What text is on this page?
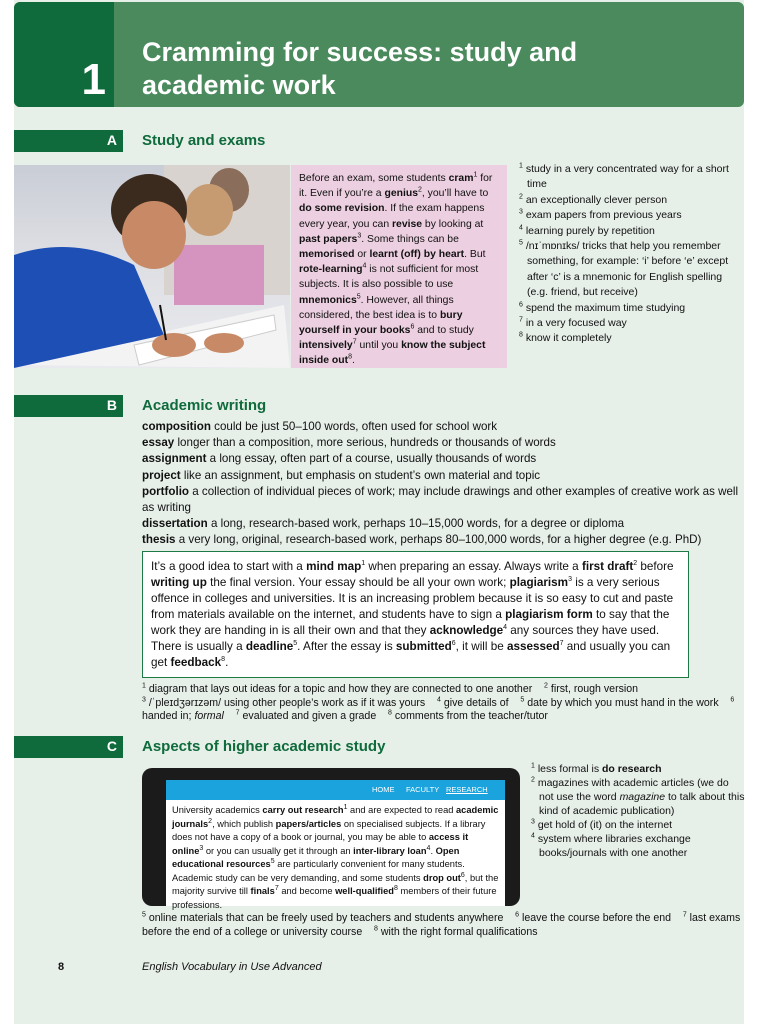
1
Cramming for success: study and academic work
A Study and exams
Before an exam, some students cram$^1$ for it. Even if you’re a genius$^2$, you’ll have to do some revision. If the exam happens every year, you can revise by looking at past papers$^3$. Some things can be memorised or learnt (off) by heart. But rote-learning$^4$ is not sufficient for most subjects. It is also possible to use mnemonics$^5$. However, all things considered, the best idea is to bury yourself in your books$^6$ and to study intensively$^7$ until you know the subject inside out$^8$.
$^1$ study in a very concentrated way for a short time
$^2$ an exceptionally clever person
$^3$ exam papers from previous years
$^4$ learning purely by repetition
$^5$ /nɪˈmɒnɪks/ tricks that help you remember something, for example: ‘i’ before ‘e’ except after ‘c’ is a mnemonic for English spelling (e.g. friend, but receive)
$^6$ spend the maximum time studying
$^7$ in a very focused way
$^8$ know it completely
B Academic writing
composition could be just 50–100 words, often used for school work
essay longer than a composition, more serious, hundreds or thousands of words
assignment a long essay, often part of a course, usually thousands of words
project like an assignment, but emphasis on student’s own material and topic
portfolio a collection of individual pieces of work; may include drawings and other examples of creative work as well as writing
dissertation a long, research-based work, perhaps 10–15,000 words, for a degree or diploma
thesis a very long, original, research-based work, perhaps 80–100,000 words, for a higher degree (e.g. PhD)
It’s a good idea to start with a mind map$^1$ when preparing an essay. Always write a first draft$^2$ before writing up the final version. Your essay should be all your own work; plagiarism$^3$ is a very serious offence in colleges and universities. It is an increasing problem because it is so easy to cut and paste from materials available on the internet, and students have to sign a plagiarism form to say that the work they are handing in is all their own and that they acknowledge$^4$ any sources they have used. There is usually a deadline$^5$. After the essay is submitted$^6$, it will be assessed$^7$ and usually you can get feedback$^8$.
$^1$ diagram that lays out ideas for a topic and how they are connected to one another $^2$ first, rough version
$^3$ /ˈpleɪdʒərɪzəm/ using other people’s work as if it was yours $^4$ give details of $^5$ date by which you must hand in the work $^6$ handed in; formal $^7$ evaluated and given a grade $^8$ comments from the teacher/tutor
C Aspects of higher academic study
HOME FACULTY RESEARCH
University academics carry out research$^1$ and are expected to read academic journals$^2$, which publish papers/articles on specialised subjects. If a library does not have a copy of a book or journal, you may be able to access it online$^3$ or you can usually get it through an inter-library loan$^4$. Open educational resources$^5$ are particularly convenient for many students. Academic study can be very demanding, and some students drop out$^6$, but the majority survive till finals$^7$ and become well-qualified$^8$ members of their future professions.
$^1$ less formal is do research
$^2$ magazines with academic articles (we do not use the word magazine to talk about this kind of academic publication)
$^3$ get hold of (it) on the internet
$^4$ system where libraries exchange books/journals with one another
$^5$ online materials that can be freely used by teachers and students anywhere $^6$ leave the course before the end $^7$ last exams before the end of a college or university course $^8$ with the right formal qualifications
8	English Vocabulary in Use Advanced
